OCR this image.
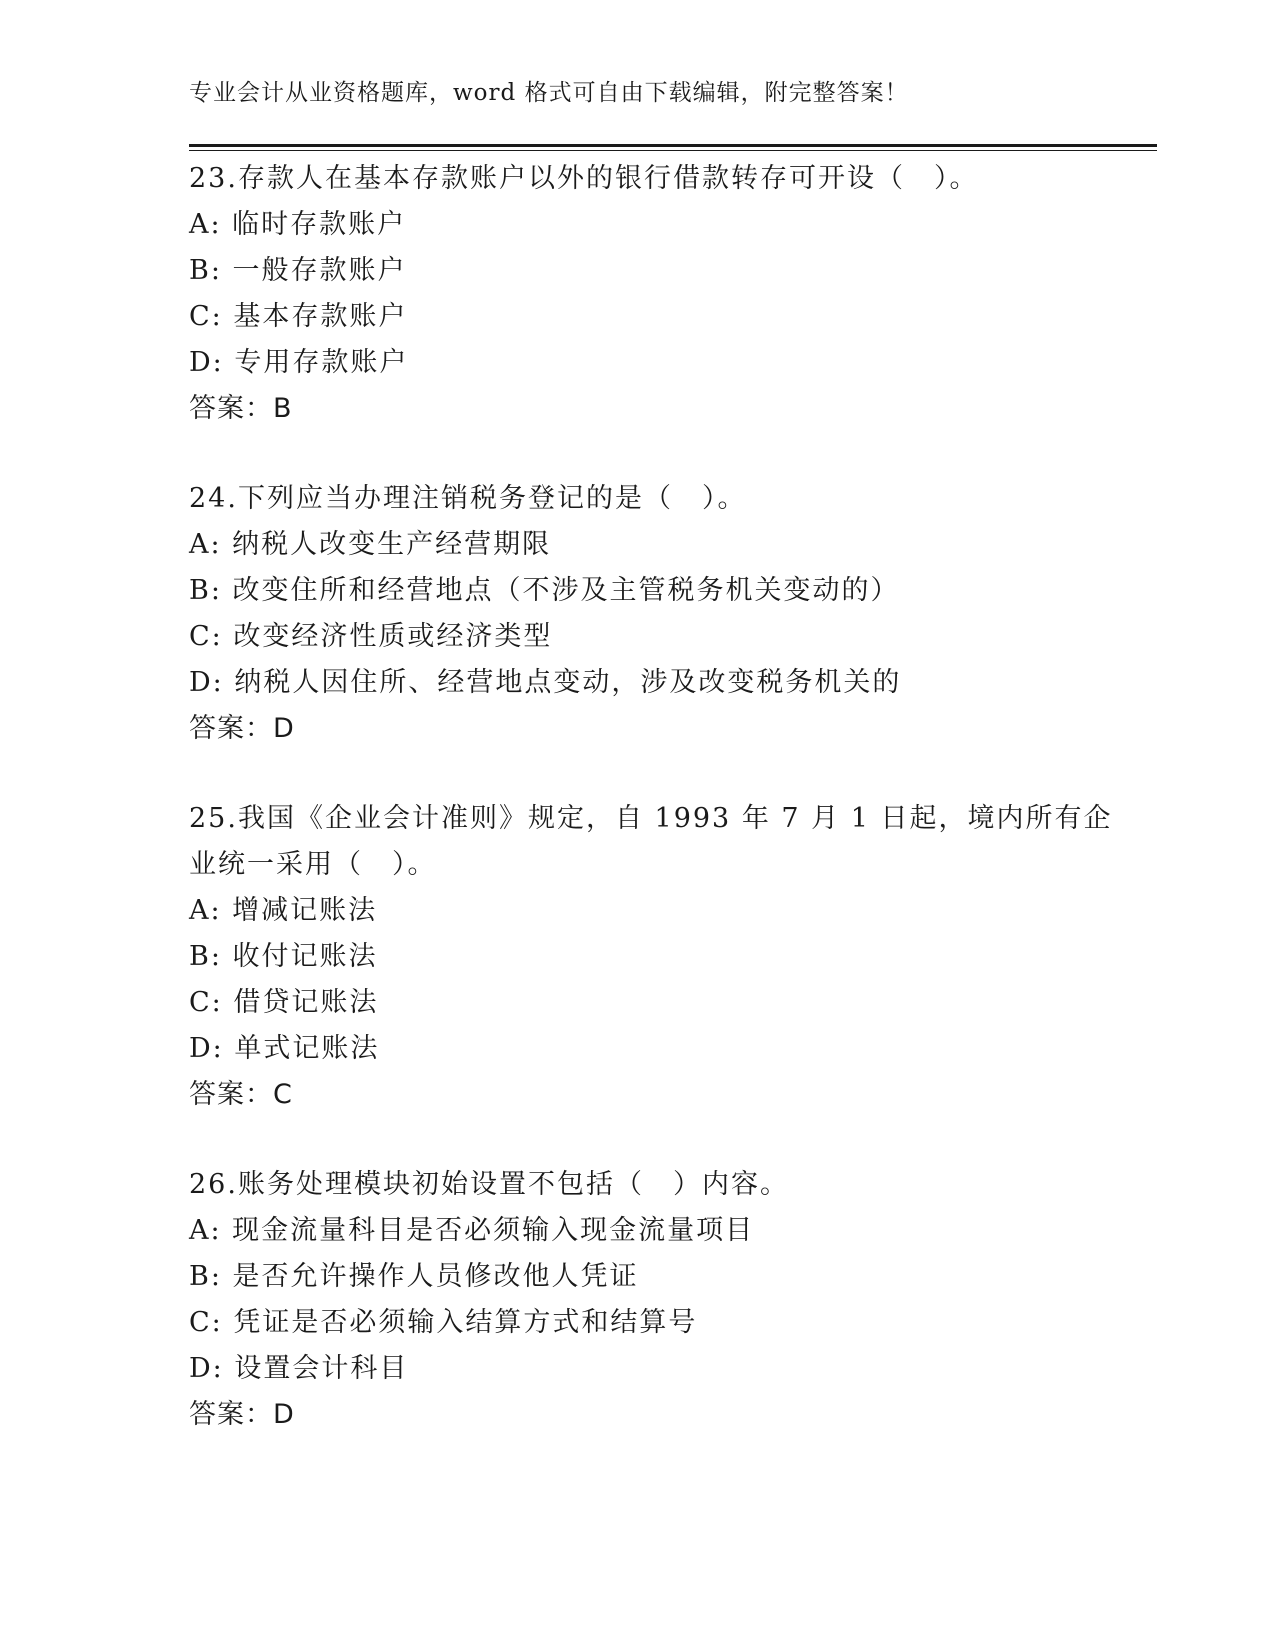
专业会计从业资格题库，word 格式可自由下载编辑，附完整答案！
23.存款人在基本存款账户以外的银行借款转存可开设（　）。
A: 临时存款账户
B: 一般存款账户
C: 基本存款账户
D: 专用存款账户
答案：B
24.下列应当办理注销税务登记的是（　）。
A: 纳税人改变生产经营期限
B: 改变住所和经营地点（不涉及主管税务机关变动的）
C: 改变经济性质或经济类型
D: 纳税人因住所、经营地点变动，涉及改变税务机关的
答案：D
25.我国《企业会计准则》规定，自 1993 年 7 月 1 日起，境内所有企
业统一采用（　）。
A: 增减记账法
B: 收付记账法
C: 借贷记账法
D: 单式记账法
答案：C
26.账务处理模块初始设置不包括（　）内容。
A: 现金流量科目是否必须输入现金流量项目
B: 是否允许操作人员修改他人凭证
C: 凭证是否必须输入结算方式和结算号
D: 设置会计科目
答案：D
